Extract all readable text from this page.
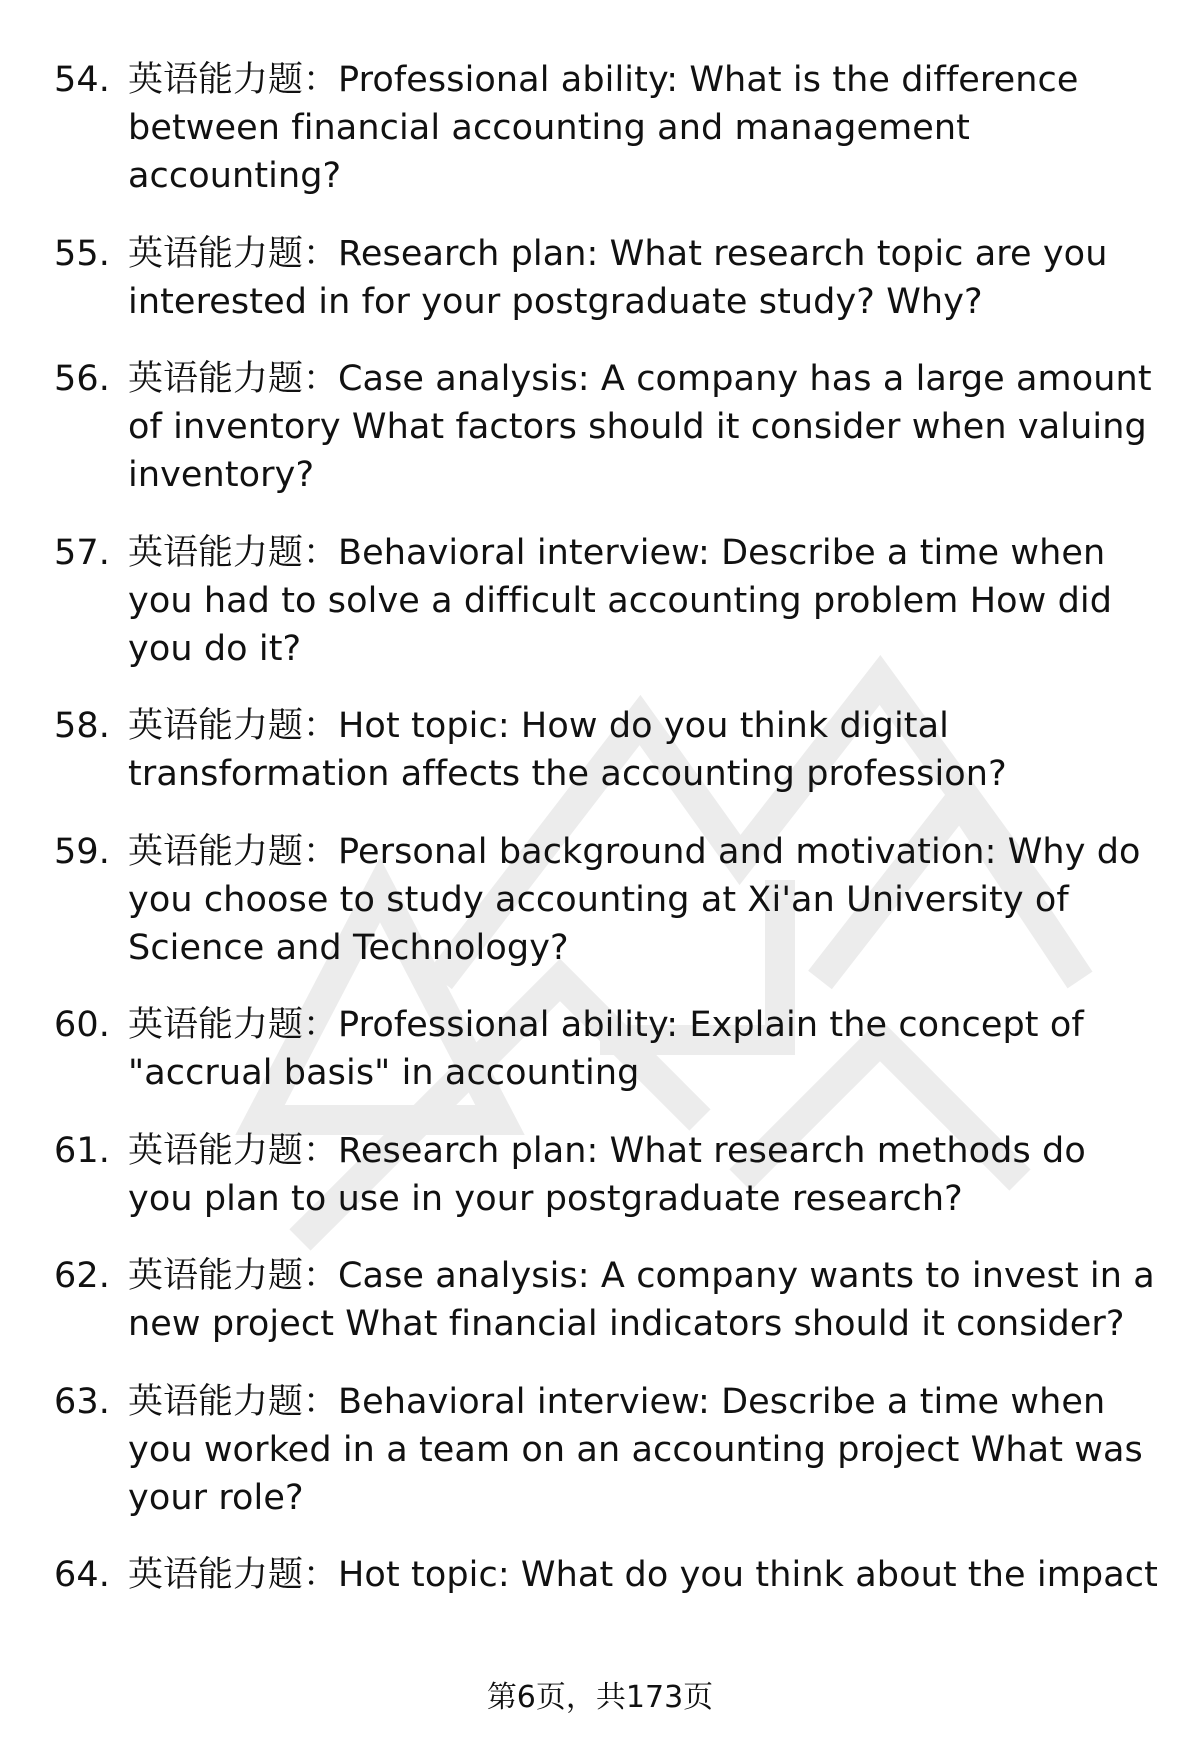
54. 英语能力题：Professional ability: What is the difference between financial accounting and management accounting?
55. 英语能力题：Research plan: What research topic are you interested in for your postgraduate study? Why?
56. 英语能力题：Case analysis: A company has a large amount of inventory What factors should it consider when valuing inventory?
57. 英语能力题：Behavioral interview: Describe a time when you had to solve a difficult accounting problem How did you do it?
58. 英语能力题：Hot topic: How do you think digital transformation affects the accounting profession?
59. 英语能力题：Personal background and motivation: Why do you choose to study accounting at Xi'an University of Science and Technology?
60. 英语能力题：Professional ability: Explain the concept of "accrual basis" in accounting
61. 英语能力题：Research plan: What research methods do you plan to use in your postgraduate research?
62. 英语能力题：Case analysis: A company wants to invest in a new project What financial indicators should it consider?
63. 英语能力题：Behavioral interview: Describe a time when you worked in a team on an accounting project What was your role?
64. 英语能力题：Hot topic: What do you think about the impact
第6页，共173页
